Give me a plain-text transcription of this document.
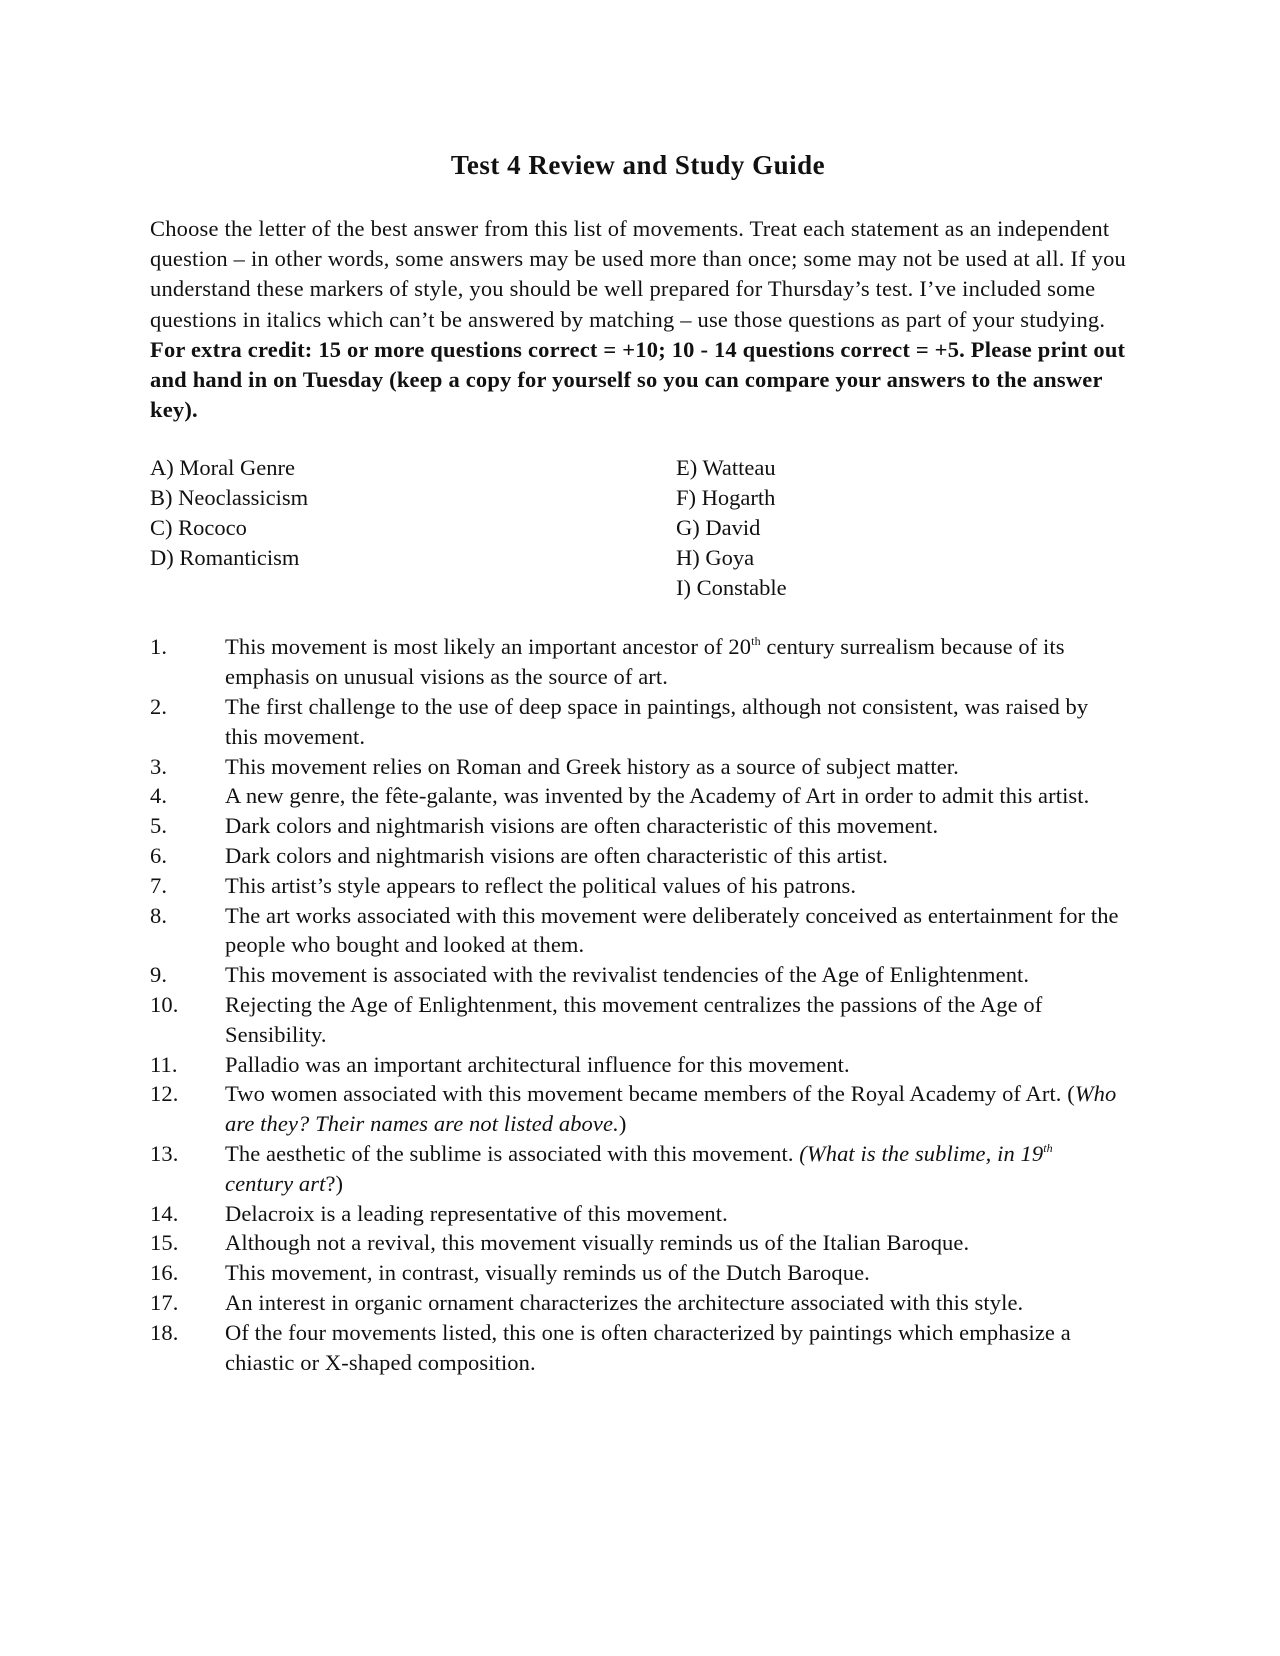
Test 4 Review and Study Guide

Choose the letter of the best answer from this list of movements. Treat each statement as an independent question – in other words, some answers may be used more than once; some may not be used at all. If you understand these markers of style, you should be well prepared for Thursday’s test. I’ve included some questions in italics which can’t be answered by matching – use those questions as part of your studying. For extra credit: 15 or more questions correct = +10; 10 - 14 questions correct = +5. Please print out and hand in on Tuesday (keep a copy for yourself so you can compare your answers to the answer key).

A) Moral Genre
B) Neoclassicism
C) Rococo
D) Romanticism
E) Watteau
F) Hogarth
G) David
H) Goya
I) Constable
1.	This movement is most likely an important ancestor of 20th century surrealism because of its emphasis on unusual visions as the source of art.
2.	The first challenge to the use of deep space in paintings, although not consistent, was raised by this movement.
3.	This movement relies on Roman and Greek history as a source of subject matter.
4.	A new genre, the fête-galante, was invented by the Academy of Art in order to admit this artist.
5.	Dark colors and nightmarish visions are often characteristic of this movement.
6.	Dark colors and nightmarish visions are often characteristic of this artist.
7.	This artist’s style appears to reflect the political values of his patrons.
8.	The art works associated with this movement were deliberately conceived as entertainment for the people who bought and looked at them.
9.	This movement is associated with the revivalist tendencies of the Age of Enlightenment.
10.	Rejecting the Age of Enlightenment, this movement centralizes the passions of the Age of Sensibility.
11.	Palladio was an important architectural influence for this movement.
12.	Two women associated with this movement became members of the Royal Academy of Art. (Who are they? Their names are not listed above.)
13.	The aesthetic of the sublime is associated with this movement. (What is the sublime, in 19th century art?)
14.	Delacroix is a leading representative of this movement.
15.	Although not a revival, this movement visually reminds us of the Italian Baroque.
16.	This movement, in contrast, visually reminds us of the Dutch Baroque.
17.	An interest in organic ornament characterizes the architecture associated with this style.
18.	Of the four movements listed, this one is often characterized by paintings which emphasize a chiastic or X-shaped composition.
